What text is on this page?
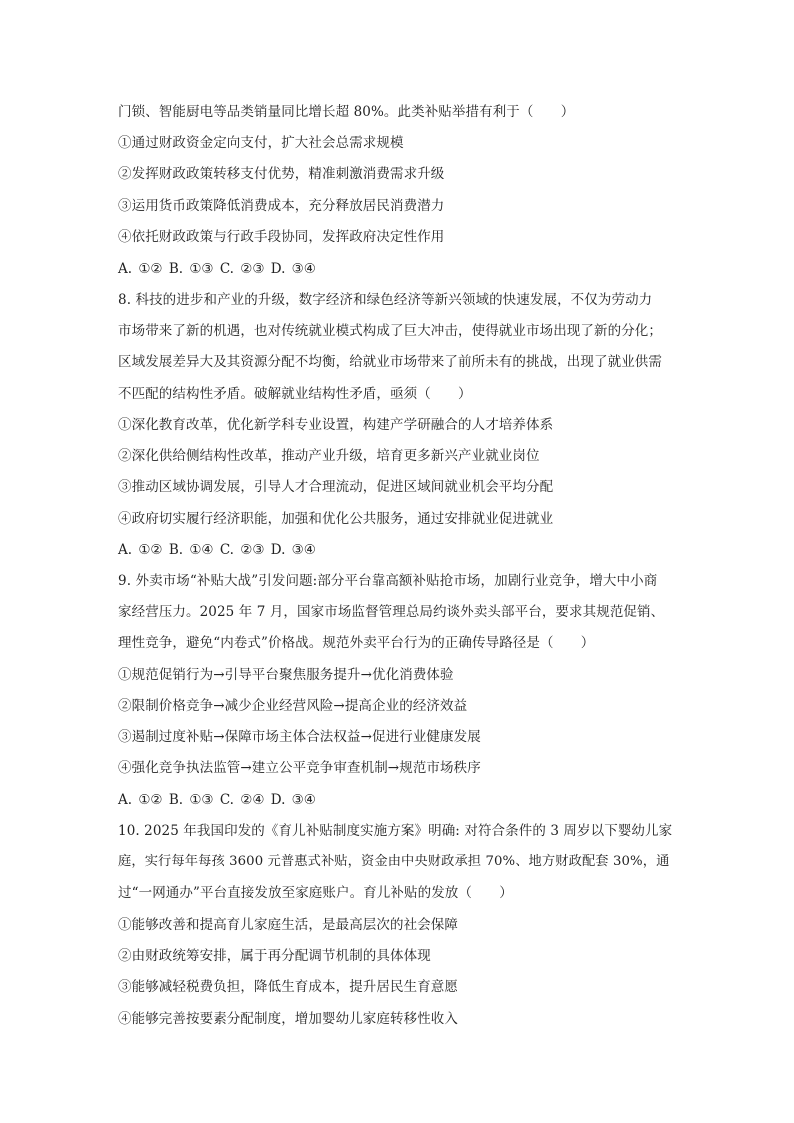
门锁、智能厨电等品类销量同比增长超 80%。此类补贴举措有利于（　　）
①通过财政资金定向支付，扩大社会总需求规模
②发挥财政政策转移支付优势，精准刺激消费需求升级
③运用货币政策降低消费成本，充分释放居民消费潜力
④依托财政政策与行政手段协同，发挥政府决定性作用
A. ①② B. ①③ C. ②③ D. ③④
8. 科技的进步和产业的升级，数字经济和绿色经济等新兴领域的快速发展，不仅为劳动力
市场带来了新的机遇，也对传统就业模式构成了巨大冲击，使得就业市场出现了新的分化；
区域发展差异大及其资源分配不均衡，给就业市场带来了前所未有的挑战，出现了就业供需
不匹配的结构性矛盾。破解就业结构性矛盾，亟须（　　）
①深化教育改革，优化新学科专业设置，构建产学研融合的人才培养体系
②深化供给侧结构性改革，推动产业升级，培育更多新兴产业就业岗位
③推动区域协调发展，引导人才合理流动，促进区域间就业机会平均分配
④政府切实履行经济职能，加强和优化公共服务，通过安排就业促进就业
A. ①② B. ①④ C. ②③ D. ③④
9. 外卖市场“补贴大战”引发问题:部分平台靠高额补贴抢市场，加剧行业竞争，增大中小商
家经营压力。2025 年 7 月，国家市场监督管理总局约谈外卖头部平台，要求其规范促销、
理性竞争，避免“内卷式”价格战。规范外卖平台行为的正确传导路径是（　　）
①规范促销行为→引导平台聚焦服务提升→优化消费体验
②限制价格竞争→减少企业经营风险→提高企业的经济效益
③遏制过度补贴→保障市场主体合法权益→促进行业健康发展
④强化竞争执法监管→建立公平竞争审查机制→规范市场秩序
A. ①② B. ①③ C. ②④ D. ③④
10. 2025 年我国印发的《育儿补贴制度实施方案》明确: 对符合条件的 3 周岁以下婴幼儿家
庭，实行每年每孩 3600 元普惠式补贴，资金由中央财政承担 70%、地方财政配套 30%，通
过“一网通办”平台直接发放至家庭账户。育儿补贴的发放（　　）
①能够改善和提高育儿家庭生活，是最高层次的社会保障
②由财政统筹安排，属于再分配调节机制的具体体现
③能够减轻税费负担，降低生育成本，提升居民生育意愿
④能够完善按要素分配制度，增加婴幼儿家庭转移性收入
